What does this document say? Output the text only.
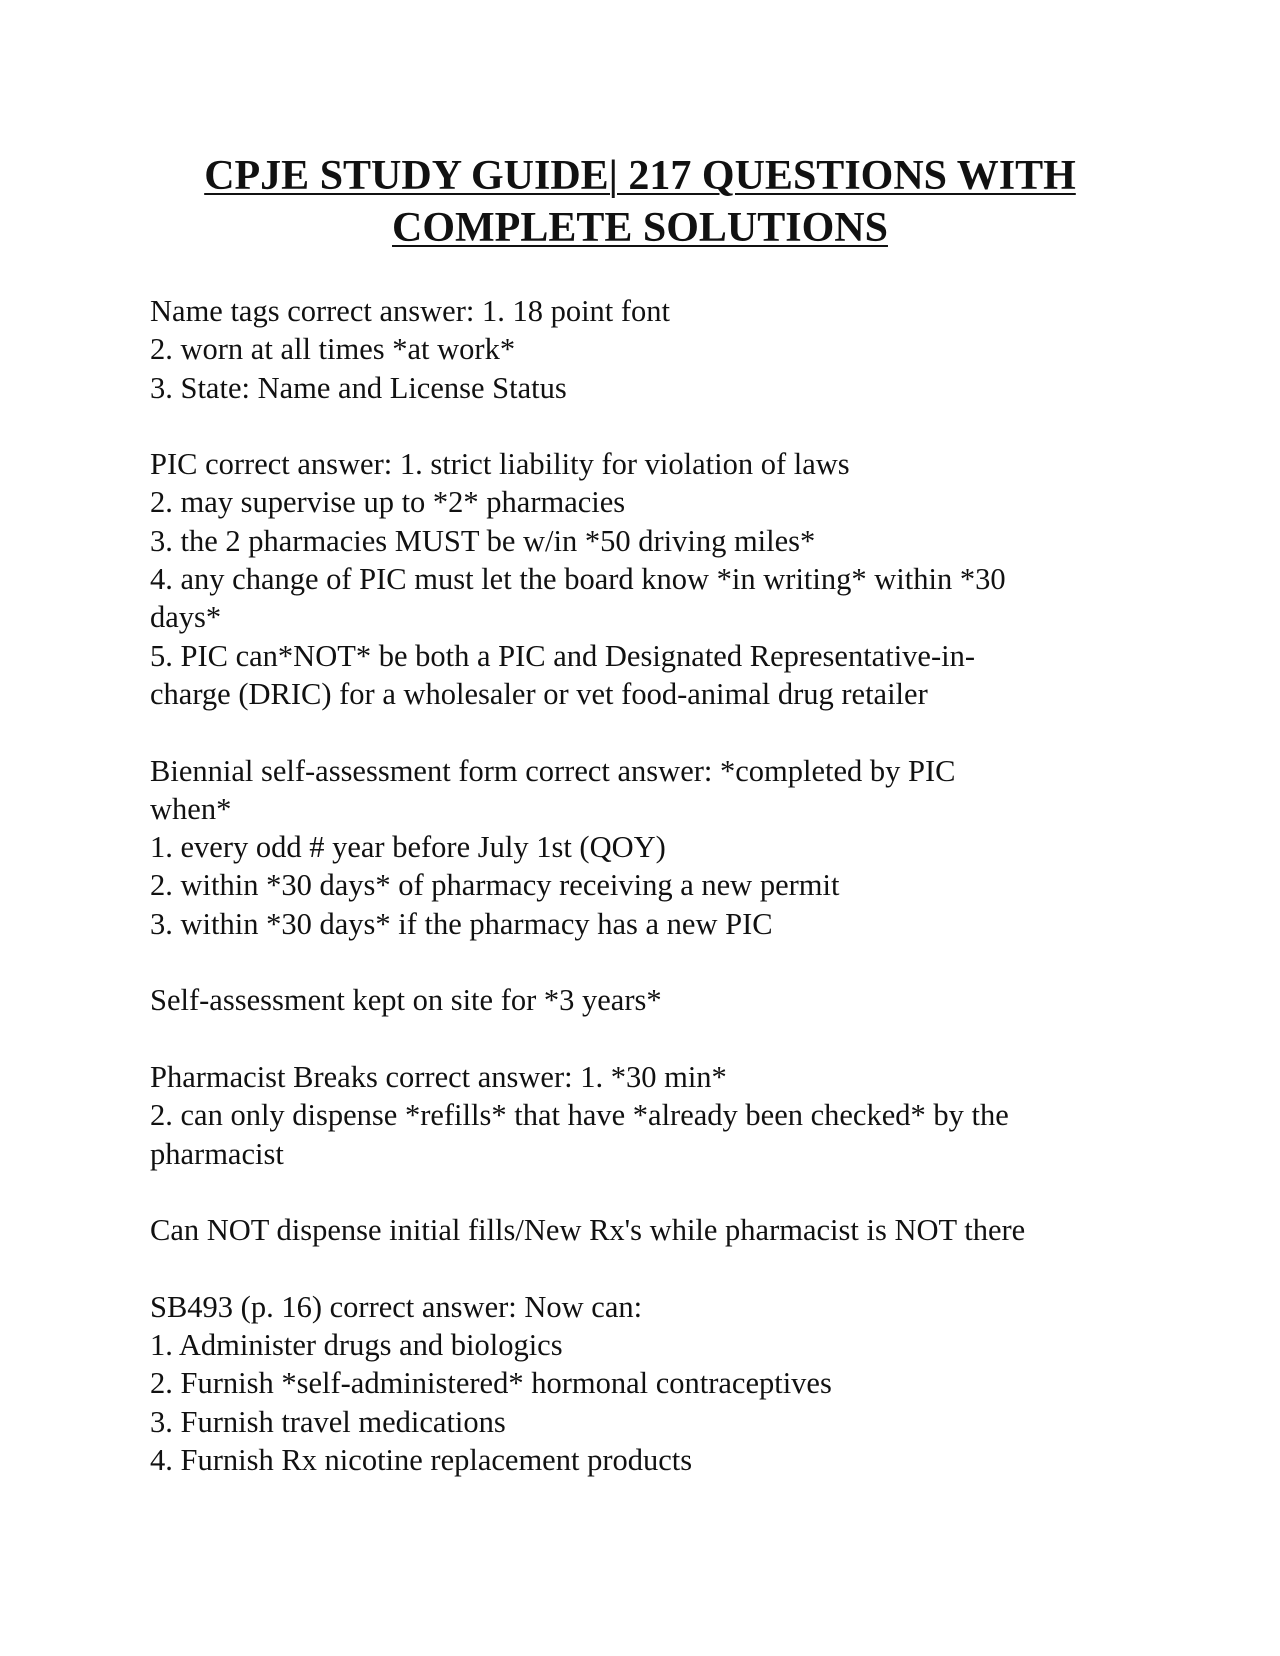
CPJE STUDY GUIDE| 217 QUESTIONS WITH
COMPLETE SOLUTIONS
Name tags correct answer: 1. 18 point font
2. worn at all times *at work*
3. State: Name and License Status
PIC correct answer: 1. strict liability for violation of laws
2. may supervise up to *2* pharmacies
3. the 2 pharmacies MUST be w/in *50 driving miles*
4. any change of PIC must let the board know *in writing* within *30
days*
5. PIC can*NOT* be both a PIC and Designated Representative-in-
charge (DRIC) for a wholesaler or vet food-animal drug retailer
Biennial self-assessment form correct answer: *completed by PIC
when*
1. every odd # year before July 1st (QOY)
2. within *30 days* of pharmacy receiving a new permit
3. within *30 days* if the pharmacy has a new PIC
Self-assessment kept on site for *3 years*
Pharmacist Breaks correct answer: 1. *30 min*
2. can only dispense *refills* that have *already been checked* by the
pharmacist
Can NOT dispense initial fills/New Rx's while pharmacist is NOT there
SB493 (p. 16) correct answer: Now can:
1. Administer drugs and biologics
2. Furnish *self-administered* hormonal contraceptives
3. Furnish travel medications
4. Furnish Rx nicotine replacement products
